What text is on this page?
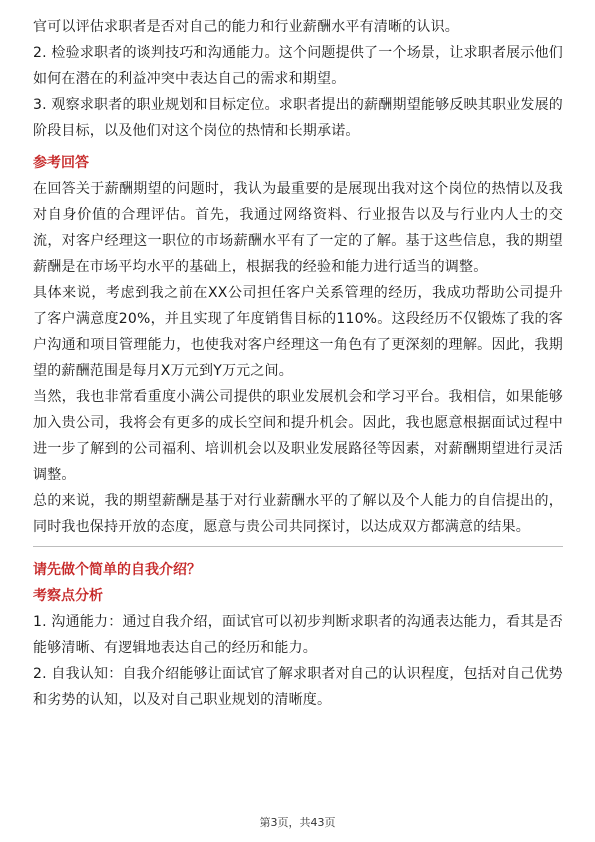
官可以评估求职者是否对自己的能力和行业薪酬水平有清晰的认识。

2. 检验求职者的谈判技巧和沟通能力。这个问题提供了一个场景，让求职者展示他们如何在潜在的利益冲突中表达自己的需求和期望。

3. 观察求职者的职业规划和目标定位。求职者提出的薪酬期望能够反映其职业发展的阶段目标，以及他们对这个岗位的热情和长期承诺。

参考回答

在回答关于薪酬期望的问题时，我认为最重要的是展现出我对这个岗位的热情以及我对自身价值的合理评估。首先，我通过网络资料、行业报告以及与行业内人士的交流，对客户经理这一职位的市场薪酬水平有了一定的了解。基于这些信息，我的期望薪酬是在市场平均水平的基础上，根据我的经验和能力进行适当的调整。

具体来说，考虑到我之前在XX公司担任客户关系管理的经历，我成功帮助公司提升了客户满意度20%，并且实现了年度销售目标的110%。这段经历不仅锻炼了我的客户沟通和项目管理能力，也使我对客户经理这一角色有了更深刻的理解。因此，我期望的薪酬范围是每月X万元到Y万元之间。

当然，我也非常看重度小满公司提供的职业发展机会和学习平台。我相信，如果能够加入贵公司，我将会有更多的成长空间和提升机会。因此，我也愿意根据面试过程中进一步了解到的公司福利、培训机会以及职业发展路径等因素，对薪酬期望进行灵活调整。

总的来说，我的期望薪酬是基于对行业薪酬水平的了解以及个人能力的自信提出的，同时我也保持开放的态度，愿意与贵公司共同探讨，以达成双方都满意的结果。

请先做个简单的自我介绍？

考察点分析

1. 沟通能力：通过自我介绍，面试官可以初步判断求职者的沟通表达能力，看其是否能够清晰、有逻辑地表达自己的经历和能力。

2. 自我认知：自我介绍能够让面试官了解求职者对自己的认识程度，包括对自己优势和劣势的认知，以及对自己职业规划的清晰度。

第3页，共43页
